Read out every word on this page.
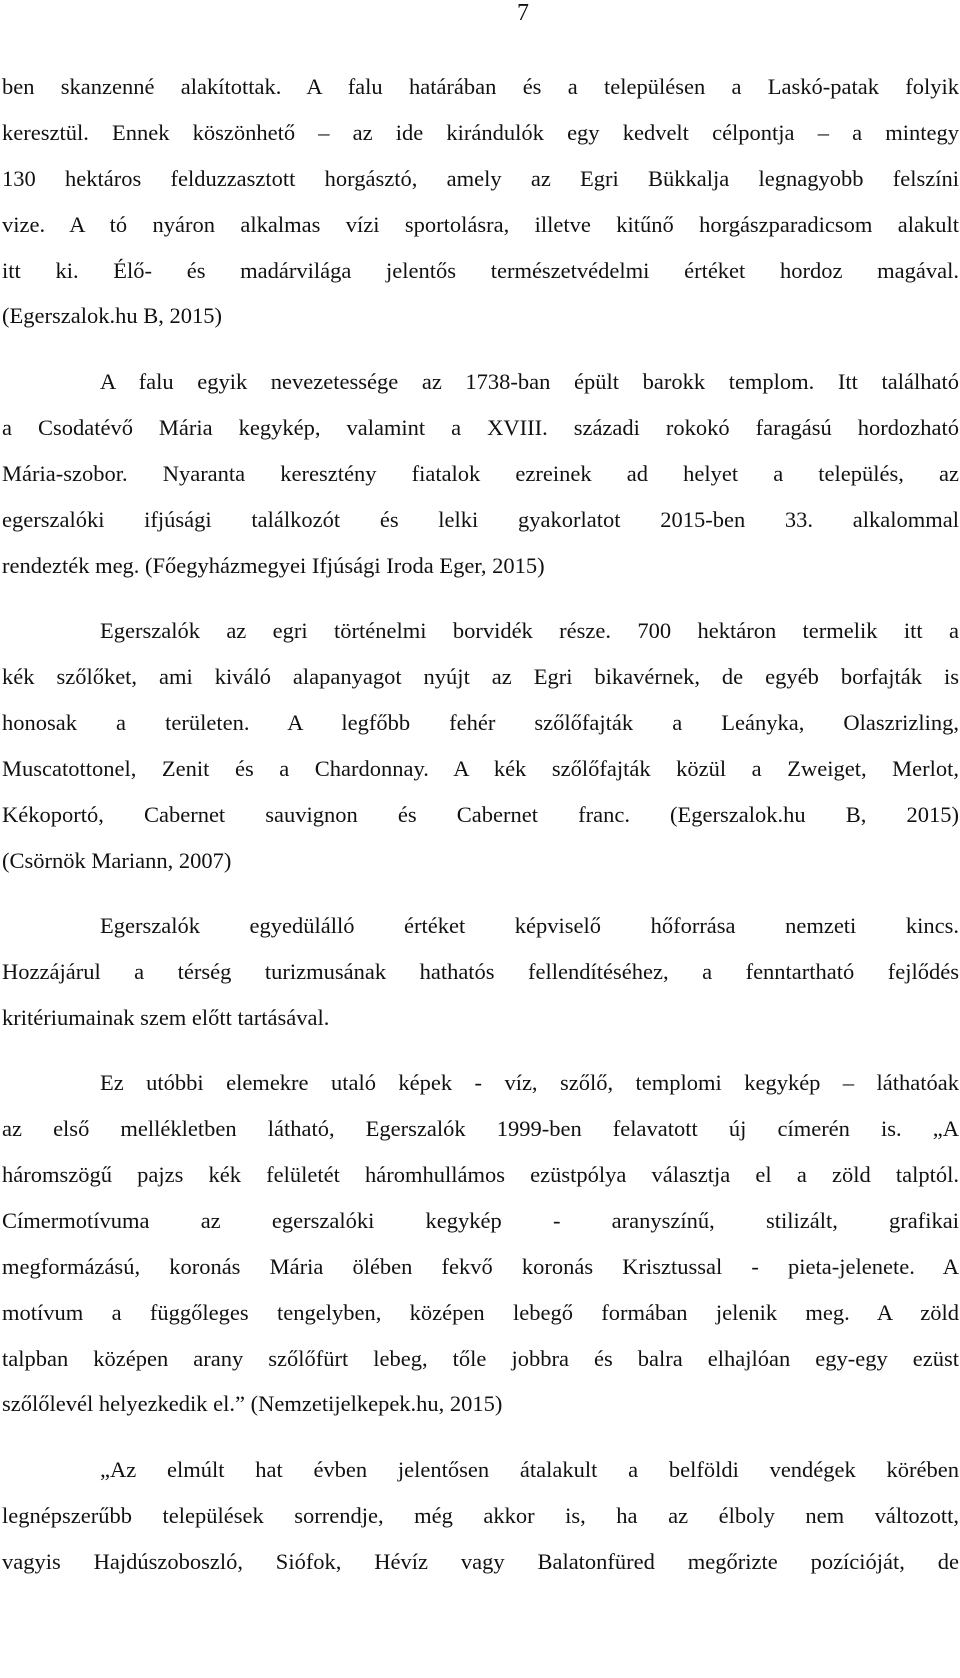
7
ben skanzenné alakítottak. A falu határában és a településen a Laskó-patak folyik
keresztül. Ennek köszönhető – az ide kirándulók egy kedvelt célpontja – a mintegy
130 hektáros felduzzasztott horgásztó, amely az Egri Bükkalja legnagyobb felszíni
vize. A tó nyáron alkalmas vízi sportolásra, illetve kitűnő horgászparadicsom alakult
itt ki. Élő- és madárvilága jelentős természetvédelmi értéket hordoz magával.
(Egerszalok.hu B, 2015)
A falu egyik nevezetessége az 1738-ban épült barokk templom. Itt található
a Csodatévő Mária kegykép, valamint a XVIII. századi rokokó faragású hordozható
Mária-szobor. Nyaranta keresztény fiatalok ezreinek ad helyet a település, az
egerszalóki ifjúsági találkozót és lelki gyakorlatot 2015-ben 33. alkalommal
rendezték meg. (Főegyházmegyei Ifjúsági Iroda Eger, 2015)
Egerszalók az egri történelmi borvidék része. 700 hektáron termelik itt a
kék szőlőket, ami kiváló alapanyagot nyújt az Egri bikavérnek, de egyéb borfajták is
honosak a területen. A legfőbb fehér szőlőfajták a Leányka, Olaszrizling,
Muscatottonel, Zenit és a Chardonnay. A kék szőlőfajták közül a Zweiget, Merlot,
Kékoportó, Cabernet sauvignon és Cabernet franc. (Egerszalok.hu B, 2015)
(Csörnök Mariann, 2007)
Egerszalók egyedülálló értéket képviselő hőforrása nemzeti kincs.
Hozzájárul a térség turizmusának hathatós fellendítéséhez, a fenntartható fejlődés
kritériumainak szem előtt tartásával.
Ez utóbbi elemekre utaló képek - víz, szőlő, templomi kegykép – láthatóak
az első mellékletben látható, Egerszalók 1999-ben felavatott új címerén is. „A
háromszögű pajzs kék felületét háromhullámos ezüstpólya választja el a zöld talptól.
Címermotívuma az egerszalóki kegykép - aranyszínű, stilizált, grafikai
megformázású, koronás Mária ölében fekvő koronás Krisztussal - pieta-jelenete. A
motívum a függőleges tengelyben, középen lebegő formában jelenik meg. A zöld
talpban középen arany szőlőfürt lebeg, tőle jobbra és balra elhajlóan egy-egy ezüst
szőlőlevél helyezkedik el.” (Nemzetijelkepek.hu, 2015)
„Az elmúlt hat évben jelentősen átalakult a belföldi vendégek körében
legnépszerűbb települések sorrendje, még akkor is, ha az élboly nem változott,
vagyis Hajdúszoboszló, Siófok, Hévíz vagy Balatonfüred megőrizte pozícióját, de
